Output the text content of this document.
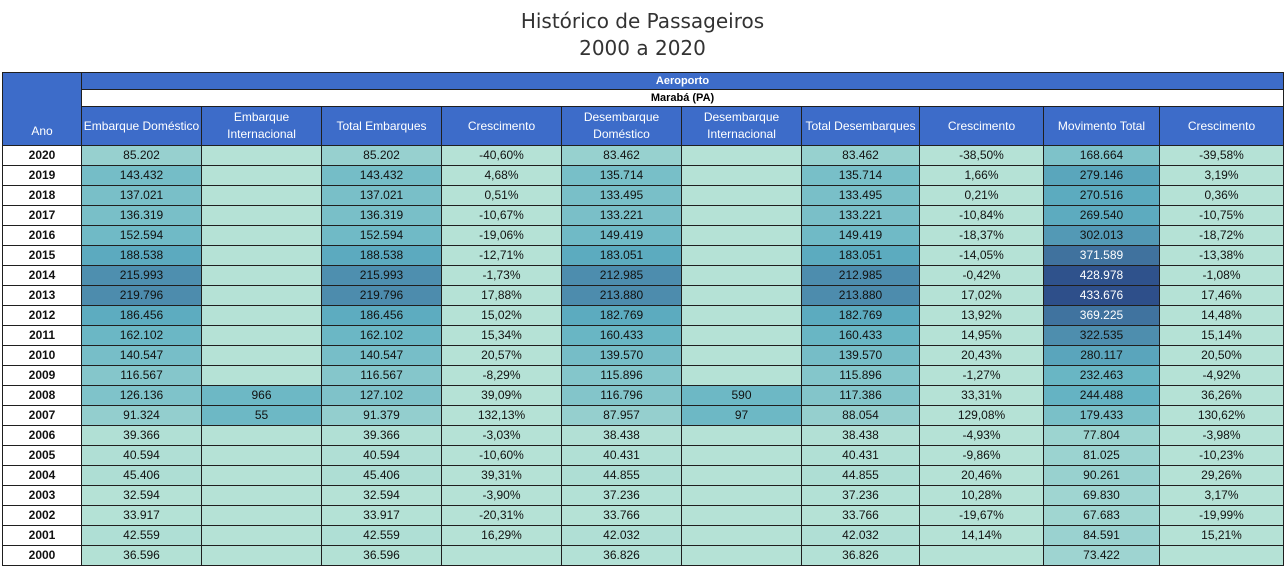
Histórico de Passageiros
2000 a 2020
Ano	Aeroporto									
	Marabá (PA)									
	Embarque Doméstico	Embarque Internacional	Total Embarques	Crescimento	Desembarque Doméstico	Desembarque Internacional	Total Desembarques	Crescimento	Movimento Total	Crescimento
2020	85.202		85.202	-40,60%	83.462		83.462	-38,50%	168.664	-39,58%
2019	143.432		143.432	4,68%	135.714		135.714	1,66%	279.146	3,19%
2018	137.021		137.021	0,51%	133.495		133.495	0,21%	270.516	0,36%
2017	136.319		136.319	-10,67%	133.221		133.221	-10,84%	269.540	-10,75%
2016	152.594		152.594	-19,06%	149.419		149.419	-18,37%	302.013	-18,72%
2015	188.538		188.538	-12,71%	183.051		183.051	-14,05%	371.589	-13,38%
2014	215.993		215.993	-1,73%	212.985		212.985	-0,42%	428.978	-1,08%
2013	219.796		219.796	17,88%	213.880		213.880	17,02%	433.676	17,46%
2012	186.456		186.456	15,02%	182.769		182.769	13,92%	369.225	14,48%
2011	162.102		162.102	15,34%	160.433		160.433	14,95%	322.535	15,14%
2010	140.547		140.547	20,57%	139.570		139.570	20,43%	280.117	20,50%
2009	116.567		116.567	-8,29%	115.896		115.896	-1,27%	232.463	-4,92%
2008	126.136	966	127.102	39,09%	116.796	590	117.386	33,31%	244.488	36,26%
2007	91.324	55	91.379	132,13%	87.957	97	88.054	129,08%	179.433	130,62%
2006	39.366		39.366	-3,03%	38.438		38.438	-4,93%	77.804	-3,98%
2005	40.594		40.594	-10,60%	40.431		40.431	-9,86%	81.025	-10,23%
2004	45.406		45.406	39,31%	44.855		44.855	20,46%	90.261	29,26%
2003	32.594		32.594	-3,90%	37.236		37.236	10,28%	69.830	3,17%
2002	33.917		33.917	-20,31%	33.766		33.766	-19,67%	67.683	-19,99%
2001	42.559		42.559	16,29%	42.032		42.032	14,14%	84.591	15,21%
2000	36.596		36.596		36.826		36.826		73.422	
